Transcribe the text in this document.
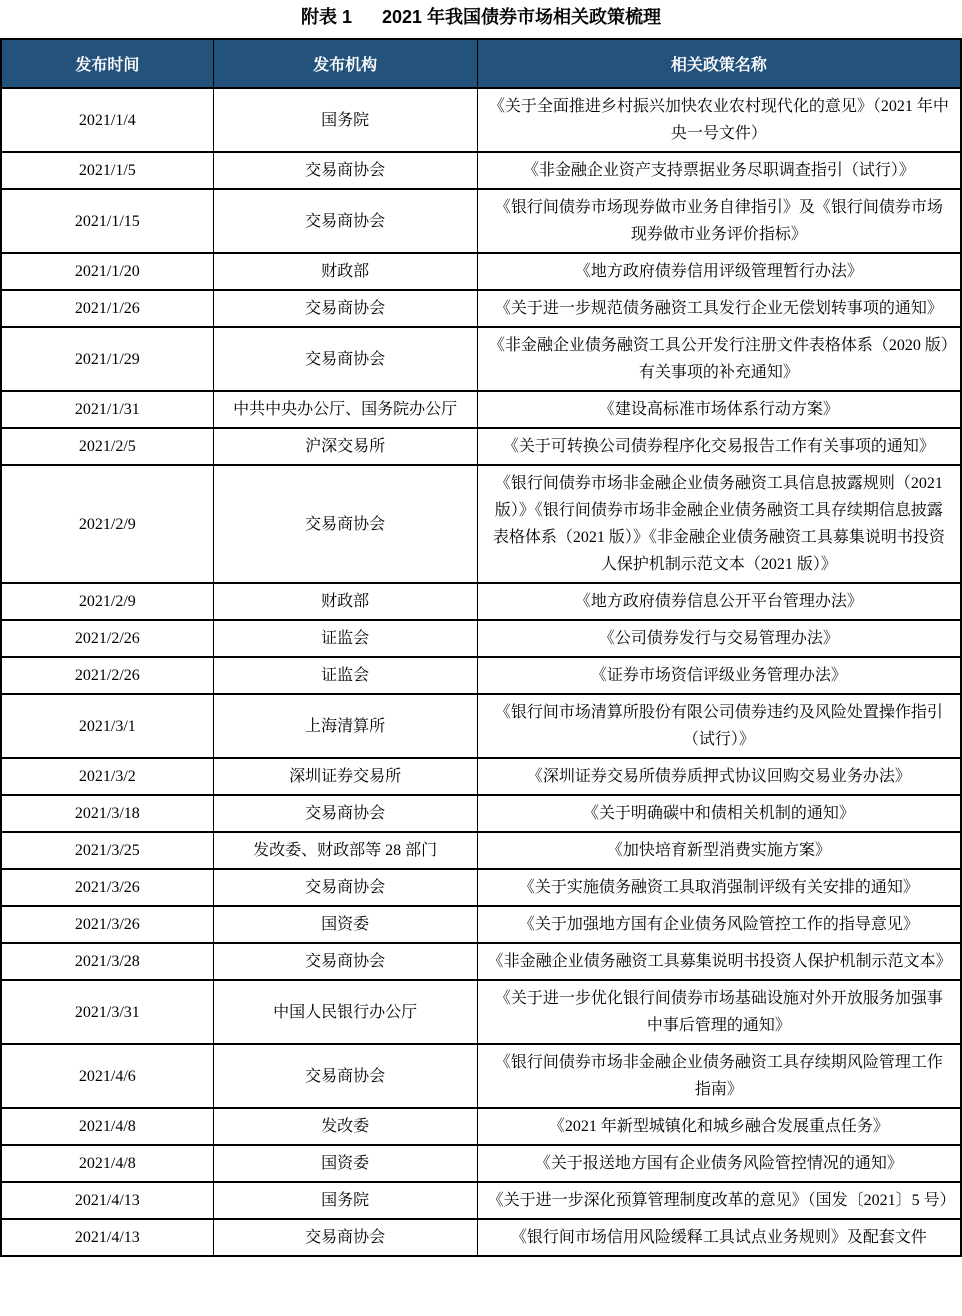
附表 1 2021 年我国债券市场相关政策梳理
发布时间	发布机构	相关政策名称
2021/1/4	国务院	《关于全面推进乡村振兴加快农业农村现代化的意见》（2021 年中央一号文件）
2021/1/5	交易商协会	《非金融企业资产支持票据业务尽职调查指引（试行）》
2021/1/15	交易商协会	《银行间债券市场现券做市业务自律指引》及《银行间债券市场现券做市业务评价指标》
2021/1/20	财政部	《地方政府债券信用评级管理暂行办法》
2021/1/26	交易商协会	《关于进一步规范债务融资工具发行企业无偿划转事项的通知》
2021/1/29	交易商协会	《非金融企业债务融资工具公开发行注册文件表格体系（2020 版）有关事项的补充通知》
2021/1/31	中共中央办公厅、国务院办公厅	《建设高标准市场体系行动方案》
2021/2/5	沪深交易所	《关于可转换公司债券程序化交易报告工作有关事项的通知》
2021/2/9	交易商协会	《银行间债券市场非金融企业债务融资工具信息披露规则（2021 版）》《银行间债券市场非金融企业债务融资工具存续期信息披露表格体系（2021 版）》《非金融企业债务融资工具募集说明书投资人保护机制示范文本（2021 版）》
2021/2/9	财政部	《地方政府债券信息公开平台管理办法》
2021/2/26	证监会	《公司债券发行与交易管理办法》
2021/2/26	证监会	《证券市场资信评级业务管理办法》
2021/3/1	上海清算所	《银行间市场清算所股份有限公司债券违约及风险处置操作指引（试行）》
2021/3/2	深圳证券交易所	《深圳证券交易所债券质押式协议回购交易业务办法》
2021/3/18	交易商协会	《关于明确碳中和债相关机制的通知》
2021/3/25	发改委、财政部等 28 部门	《加快培育新型消费实施方案》
2021/3/26	交易商协会	《关于实施债务融资工具取消强制评级有关安排的通知》
2021/3/26	国资委	《关于加强地方国有企业债务风险管控工作的指导意见》
2021/3/28	交易商协会	《非金融企业债务融资工具募集说明书投资人保护机制示范文本》
2021/3/31	中国人民银行办公厅	《关于进一步优化银行间债券市场基础设施对外开放服务加强事中事后管理的通知》
2021/4/6	交易商协会	《银行间债券市场非金融企业债务融资工具存续期风险管理工作指南》
2021/4/8	发改委	《2021 年新型城镇化和城乡融合发展重点任务》
2021/4/8	国资委	《关于报送地方国有企业债务风险管控情况的通知》
2021/4/13	国务院	《关于进一步深化预算管理制度改革的意见》（国发〔2021〕5 号）
2021/4/13	交易商协会	《银行间市场信用风险缓释工具试点业务规则》及配套文件
